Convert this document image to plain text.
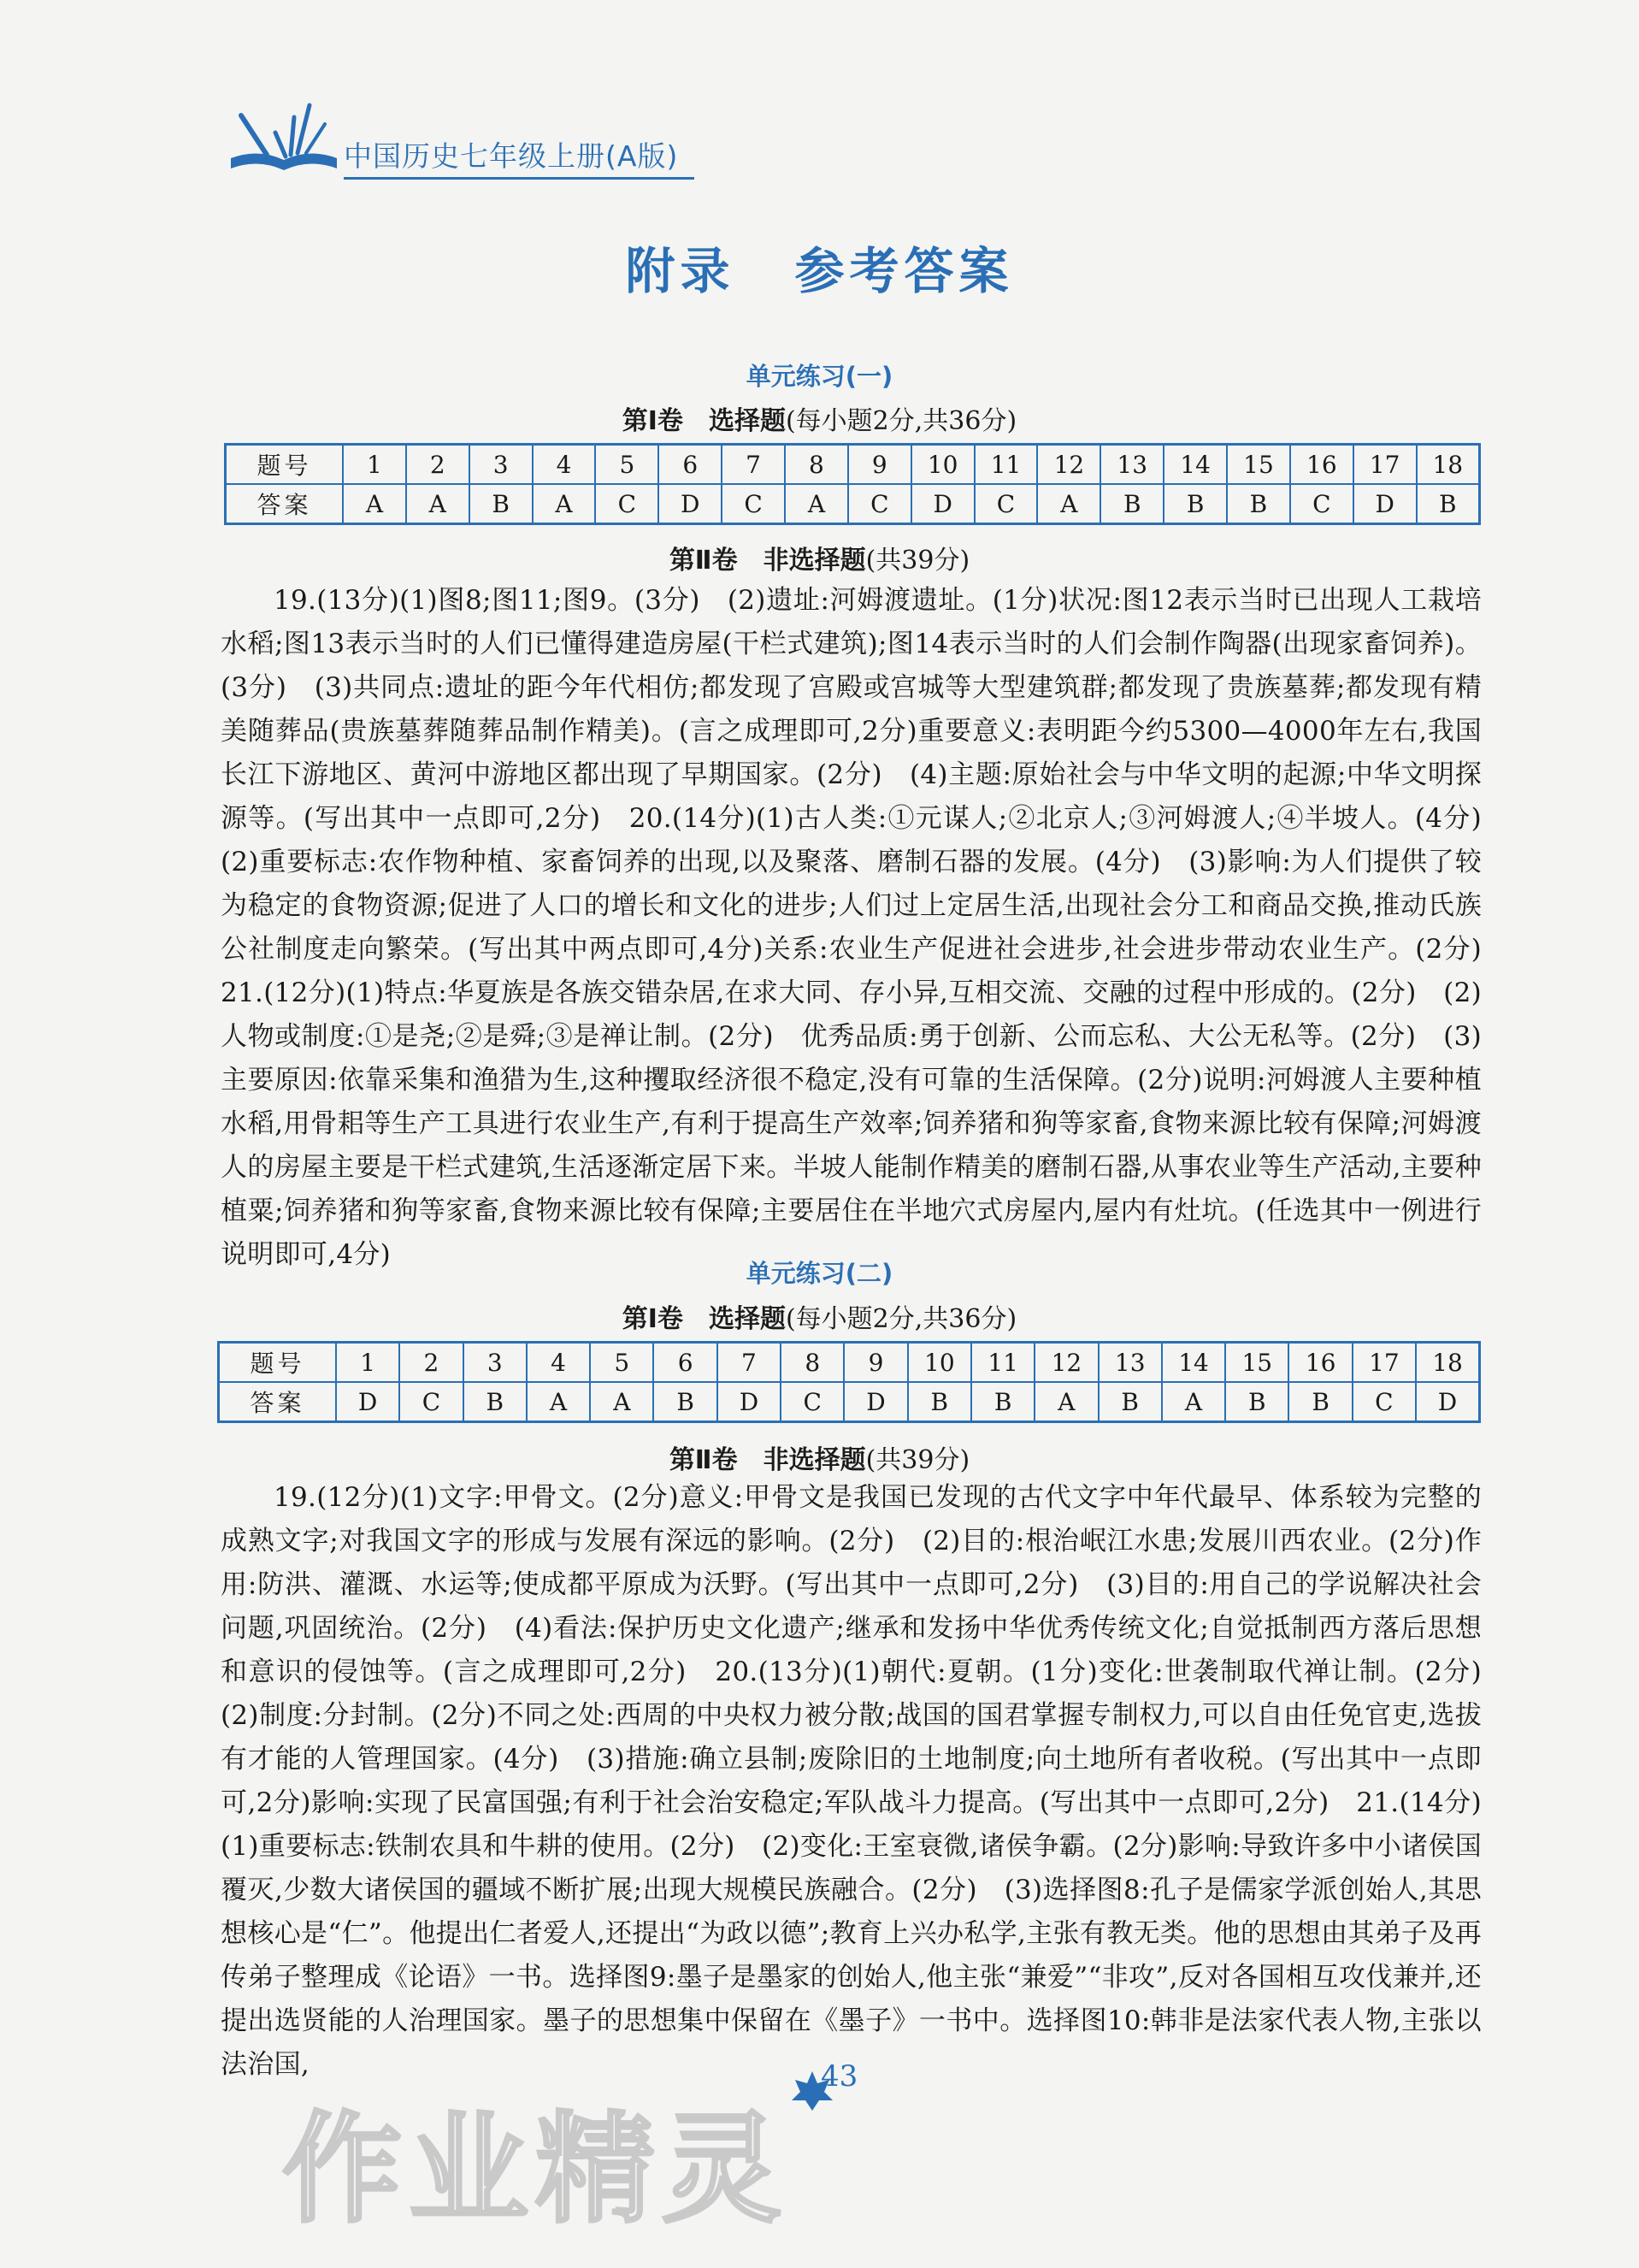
中国历史七年级上册(A版)
附录 参考答案
单元练习(一)
第Ⅰ卷　选择题(每小题2分,共36分)
题号	1	2	3	4	5	6	7	8	9	10	11	12	13	14	15	16	17	18
答案	A	A	B	A	C	D	C	A	C	D	C	A	B	B	B	C	D	B
第Ⅱ卷　非选择题(共39分)
19.(13分)(1)图8;图11;图9。(3分)　(2)遗址:河姆渡遗址。(1分)状况:图12表示当时已出现人工栽培水稻;图13表示当时的人们已懂得建造房屋(干栏式建筑);图14表示当时的人们会制作陶器(出现家畜饲养)。(3分)　(3)共同点:遗址的距今年代相仿;都发现了宫殿或宫城等大型建筑群;都发现了贵族墓葬;都发现有精美随葬品(贵族墓葬随葬品制作精美)。(言之成理即可,2分)重要意义:表明距今约5300—4000年左右,我国长江下游地区、黄河中游地区都出现了早期国家。(2分)　(4)主题:原始社会与中华文明的起源;中华文明探源等。(写出其中一点即可,2分)　20.(14分)(1)古人类:①元谋人;②北京人;③河姆渡人;④半坡人。(4分)　(2)重要标志:农作物种植、家畜饲养的出现,以及聚落、磨制石器的发展。(4分)　(3)影响:为人们提供了较为稳定的食物资源;促进了人口的增长和文化的进步;人们过上定居生活,出现社会分工和商品交换,推动氏族公社制度走向繁荣。(写出其中两点即可,4分)关系:农业生产促进社会进步,社会进步带动农业生产。(2分)　21.(12分)(1)特点:华夏族是各族交错杂居,在求大同、存小异,互相交流、交融的过程中形成的。(2分)　(2)人物或制度:①是尧;②是舜;③是禅让制。(2分)　优秀品质:勇于创新、公而忘私、大公无私等。(2分)　(3)主要原因:依靠采集和渔猎为生,这种攫取经济很不稳定,没有可靠的生活保障。(2分)说明:河姆渡人主要种植水稻,用骨耜等生产工具进行农业生产,有利于提高生产效率;饲养猪和狗等家畜,食物来源比较有保障;河姆渡人的房屋主要是干栏式建筑,生活逐渐定居下来。半坡人能制作精美的磨制石器,从事农业等生产活动,主要种植粟;饲养猪和狗等家畜,食物来源比较有保障;主要居住在半地穴式房屋内,屋内有灶坑。(任选其中一例进行说明即可,4分)
单元练习(二)
第Ⅰ卷　选择题(每小题2分,共36分)
题号	1	2	3	4	5	6	7	8	9	10	11	12	13	14	15	16	17	18
答案	D	C	B	A	A	B	D	C	D	B	B	A	B	A	B	B	C	D
第Ⅱ卷　非选择题(共39分)
19.(12分)(1)文字:甲骨文。(2分)意义:甲骨文是我国已发现的古代文字中年代最早、体系较为完整的成熟文字;对我国文字的形成与发展有深远的影响。(2分)　(2)目的:根治岷江水患;发展川西农业。(2分)作用:防洪、灌溉、水运等;使成都平原成为沃野。(写出其中一点即可,2分)　(3)目的:用自己的学说解决社会问题,巩固统治。(2分)　(4)看法:保护历史文化遗产;继承和发扬中华优秀传统文化;自觉抵制西方落后思想和意识的侵蚀等。(言之成理即可,2分)　20.(13分)(1)朝代:夏朝。(1分)变化:世袭制取代禅让制。(2分)　(2)制度:分封制。(2分)不同之处:西周的中央权力被分散;战国的国君掌握专制权力,可以自由任免官吏,选拔有才能的人管理国家。(4分)　(3)措施:确立县制;废除旧的土地制度;向土地所有者收税。(写出其中一点即可,2分)影响:实现了民富国强;有利于社会治安稳定;军队战斗力提高。(写出其中一点即可,2分)　21.(14分)(1)重要标志:铁制农具和牛耕的使用。(2分)　(2)变化:王室衰微,诸侯争霸。(2分)影响:导致许多中小诸侯国覆灭,少数大诸侯国的疆域不断扩展;出现大规模民族融合。(2分)　(3)选择图8:孔子是儒家学派创始人,其思想核心是“仁”。他提出仁者爱人,还提出“为政以德”;教育上兴办私学,主张有教无类。他的思想由其弟子及再传弟子整理成《论语》一书。选择图9:墨子是墨家的创始人,他主张“兼爱”“非攻”,反对各国相互攻伐兼并,还提出选贤能的人治理国家。墨子的思想集中保留在《墨子》一书中。选择图10:韩非是法家代表人物,主张以法治国,
作业精灵
43
